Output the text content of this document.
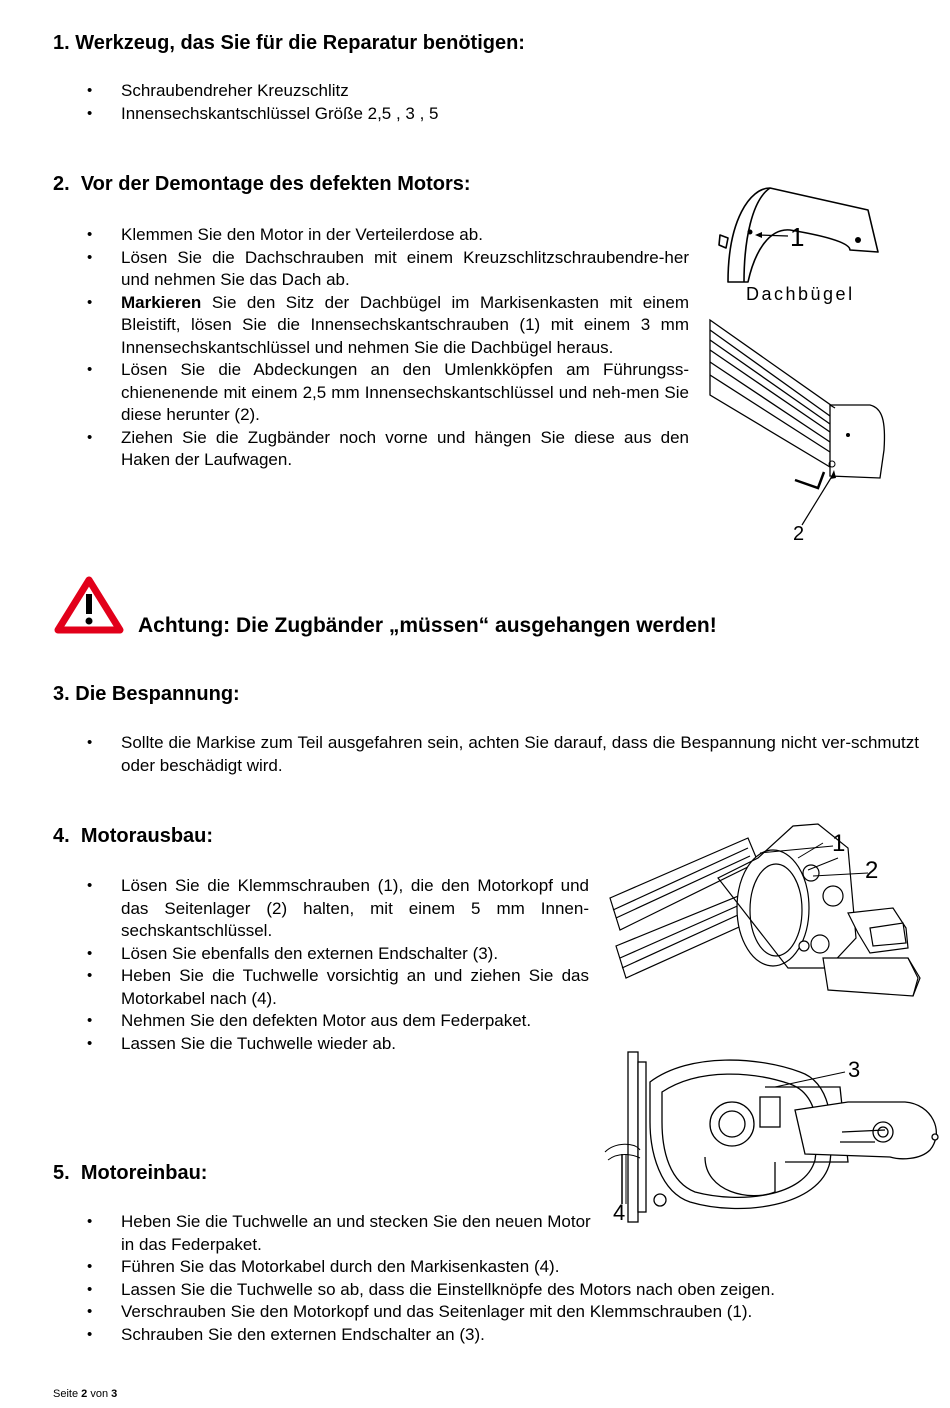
1. Werkzeug, das Sie für die Reparatur benötigen:
• Schraubendreher Kreuzschlitz
• Innensechskantschlüssel Größe 2,5 , 3 , 5
2. Vor der Demontage des defekten Motors:
• Klemmen Sie den Motor in der Verteilerdose ab.
• Lösen Sie die Dachschrauben mit einem Kreuzschlitzschraubendre-her und nehmen Sie das Dach ab.
• Markieren Sie den Sitz der Dachbügel im Markisenkasten mit einem Bleistift, lösen Sie die Innensechskantschrauben (1) mit einem 3 mm Innensechskantschlüssel und nehmen Sie die Dachbügel heraus.
• Lösen Sie die Abdeckungen an den Umlenkköpfen am Führungss-chienenende mit einem 2,5 mm Innensechskantschlüssel und neh-men Sie diese herunter (2).
• Ziehen Sie die Zugbänder noch vorne und hängen Sie diese aus den Haken der Laufwagen.
1
Dachbügel
2
Achtung: Die Zugbänder „müssen“ ausgehangen werden!
3. Die Bespannung:
• Sollte die Markise zum Teil ausgefahren sein, achten Sie darauf, dass die Bespannung nicht ver-schmutzt oder beschädigt wird.
4. Motorausbau:
• Lösen Sie die Klemmschrauben (1), die den Motorkopf und das Seitenlager (2) halten, mit einem 5 mm Innen-sechskantschlüssel.
• Lösen Sie ebenfalls den externen Endschalter (3).
• Heben Sie die Tuchwelle vorsichtig an und ziehen Sie das Motorkabel nach (4).
• Nehmen Sie den defekten Motor aus dem Federpaket.
• Lassen Sie die Tuchwelle wieder ab.
1
2
3
4
5. Motoreinbau:
• Heben Sie die Tuchwelle an und stecken Sie den neuen Motor in das Federpaket.
• Führen Sie das Motorkabel durch den Markisenkasten (4).
• Lassen Sie die Tuchwelle so ab, dass die Einstellknöpfe des Motors nach oben zeigen.
• Verschrauben Sie den Motorkopf und das Seitenlager mit den Klemmschrauben (1).
• Schrauben Sie den externen Endschalter an (3).
Seite 2 von 3
